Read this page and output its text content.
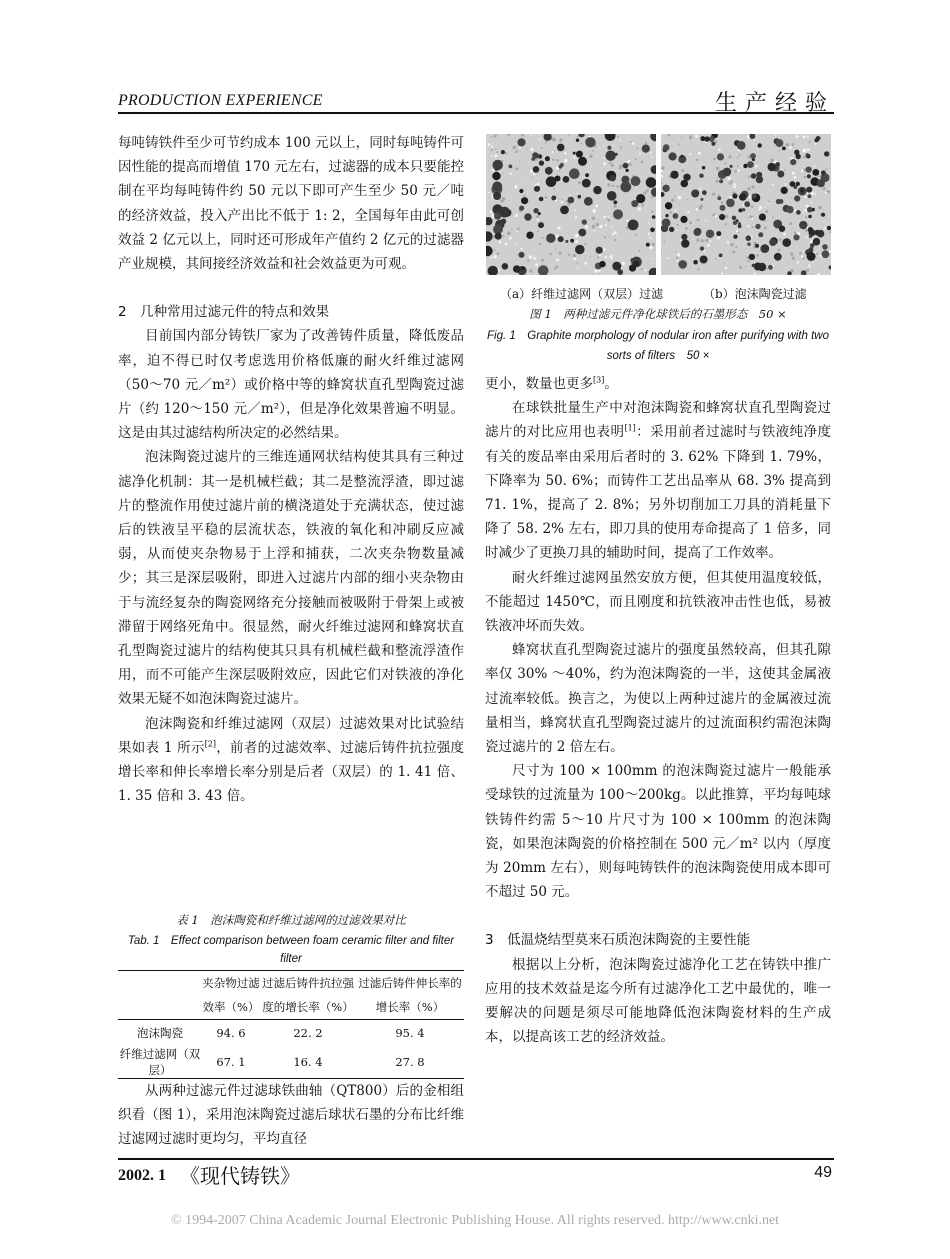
PRODUCTION EXPERIENCE	生产经验

每吨铸铁件至少可节约成本 100 元以上，同时每吨铸件可因性能的提高而增值 170 元左右，过滤器的成本只要能控制在平均每吨铸件约 50 元以下即可产生至少 50 元／吨的经济效益，投入产出比不低于 1: 2，全国每年由此可创效益 2 亿元以上，同时还可形成年产值约 2 亿元的过滤器产业规模，其间接经济效益和社会效益更为可观。

2　几种常用过滤元件的特点和效果

目前国内部分铸铁厂家为了改善铸件质量，降低废品率，迫不得已时仅考虑选用价格低廉的耐火纤维过滤网（50～70 元／m²）或价格中等的蜂窝状直孔型陶瓷过滤片（约 120～150 元／m²），但是净化效果普遍不明显。这是由其过滤结构所决定的必然结果。

泡沫陶瓷过滤片的三维连通网状结构使其具有三种过滤净化机制：其一是机械栏截；其二是整流浮渣，即过滤片的整流作用使过滤片前的横浇道处于充满状态，使过滤后的铁液呈平稳的层流状态，铁液的氧化和冲刷反应减弱，从而使夹杂物易于上浮和捕获，二次夹杂物数量减少；其三是深层吸附，即进入过滤片内部的细小夹杂物由于与流经复杂的陶瓷网络充分接触而被吸附于骨架上或被滞留于网络死角中。很显然，耐火纤维过滤网和蜂窝状直孔型陶瓷过滤片的结构使其只具有机械栏截和整流浮渣作用，而不可能产生深层吸附效应，因此它们对铁液的净化效果无疑不如泡沫陶瓷过滤片。

泡沫陶瓷和纤维过滤网（双层）过滤效果对比试验结果如表 1 所示[2]，前者的过滤效率、过滤后铸件抗拉强度增长率和伸长率增长率分别是后者（双层）的 1. 41 倍、1. 35 倍和 3. 43 倍。

表 1　泡沫陶瓷和纤维过滤网的过滤效果对比
Tab. 1　Effect comparison between foam ceramic filter and filter filter
	夹杂物过滤	过滤后铸件抗拉强	过滤后铸件伸长率的
	效率（%）	度的增长率（%）	增长率（%）
泡沫陶瓷	94. 6	22. 2	95. 4
纤维过滤网（双层）	67. 1	16. 4	27. 8

从两种过滤元件过滤球铁曲轴（QT800）后的金相组织看（图 1），采用泡沫陶瓷过滤后球状石墨的分布比纤维过滤网过滤时更均匀，平均直径

（a）纤维过滤网（双层）过滤	（b）泡沫陶瓷过滤
图 1　两种过滤元件净化球铁后的石墨形态　50 ×
Fig. 1　Graphite morphology of nodular iron after purifying with two sorts of filters　50 ×

更小，数量也更多[3]。

在球铁批量生产中对泡沫陶瓷和蜂窝状直孔型陶瓷过滤片的对比应用也表明[1]：采用前者过滤时与铁液纯净度有关的废品率由采用后者时的 3. 62% 下降到 1. 79%，下降率为 50. 6%；而铸件工艺出品率从 68. 3% 提高到 71. 1%，提高了 2. 8%；另外切削加工刀具的消耗量下降了 58. 2% 左右，即刀具的使用寿命提高了 1 倍多，同时减少了更换刀具的辅助时间，提高了工作效率。

耐火纤维过滤网虽然安放方便，但其使用温度较低，不能超过 1450℃，而且刚度和抗铁液冲击性也低，易被铁液冲坏而失效。

蜂窝状直孔型陶瓷过滤片的强度虽然较高，但其孔隙率仅 30% ～40%，约为泡沫陶瓷的一半，这使其金属液过流率较低。换言之，为使以上两种过滤片的金属液过流量相当，蜂窝状直孔型陶瓷过滤片的过流面积约需泡沫陶瓷过滤片的 2 倍左右。

尺寸为 100 × 100mm 的泡沫陶瓷过滤片一般能承受球铁的过流量为 100～200kg。以此推算，平均每吨球铁铸件约需 5～10 片尺寸为 100 × 100mm 的泡沫陶瓷，如果泡沫陶瓷的价格控制在 500 元／m² 以内（厚度为 20mm 左右），则每吨铸铁件的泡沫陶瓷使用成本即可不超过 50 元。

3　低温烧结型莫来石质泡沫陶瓷的主要性能

根据以上分析，泡沫陶瓷过滤净化工艺在铸铁中推广应用的技术效益是迄今所有过滤净化工艺中最优的，唯一要解决的问题是须尽可能地降低泡沫陶瓷材料的生产成本，以提高该工艺的经济效益。

2002. 1 《现代铸铁》	49
© 1994-2007 China Academic Journal Electronic Publishing House. All rights reserved. http://www.cnki.net
